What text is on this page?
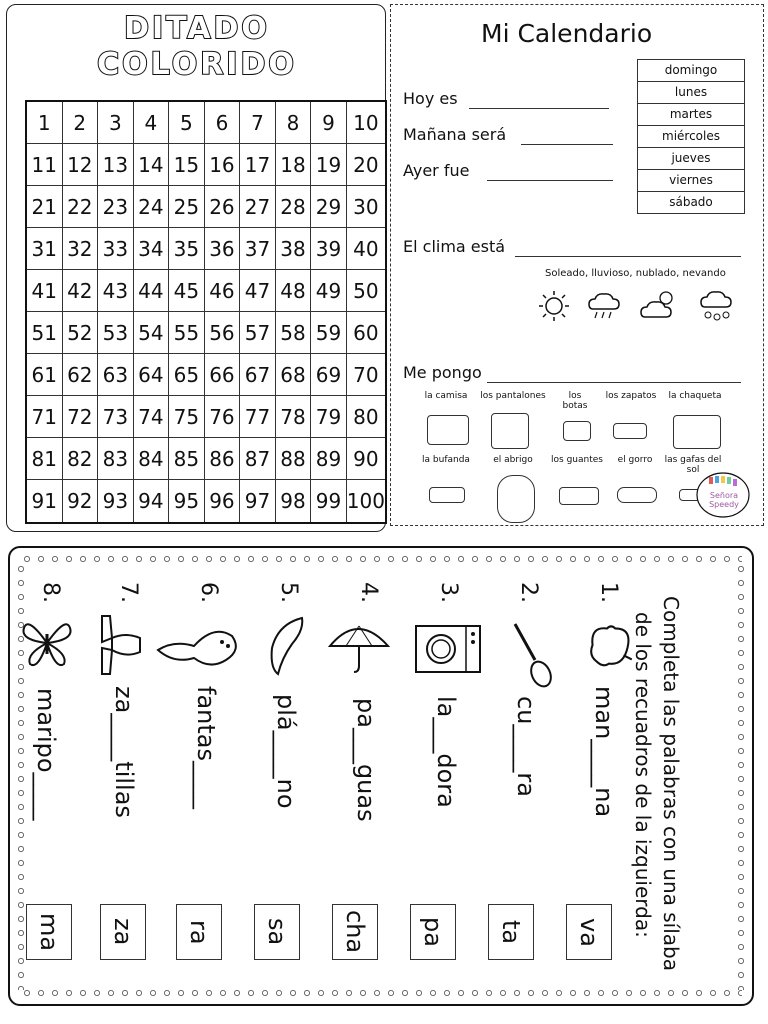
DITADO
COLORIDO
1	2	3	4	5	6	7	8	9 10
11 12 13 14 15 16 17 18 19 20
21 22 23 24 25 26 27 28 29 30
31 32 33 34 35 36 37 38 39 40
41 42 43 44 45 46 47 48 49 50
51 52 53 54 55 56 57 58 59 60
61 62 63 64 65 66 67 68 69 70
71 72 73 74 75 76 77 78 79 80
81 82 83 84 85 86 87 88 89 90
91 92 93 94 95 96 97 98 99 100
Mi Calendario
Hoy es
Mañana será
Ayer fue
domingo
lunes
martes
miércoles
jueves
viernes
sábado
El clima está
Soleado, lluvioso, nublado, nevando
Me pongo
la camisa	los pantalones	los botas
los zapatos	la chaqueta
la bufanda	el abrigo	los guantes	el gorro	las gafas del sol
Señora Speedy
Completa las palabras con una sílaba
de los recuadros de la izquierda:
1.
man____na
2.
cu____ra
3.
la___dora
4.
pa___guas
5.
plá____no
6.
fantas____
7.
za____tillas
8.
maripo____
va
ta
pa
cha
sa
ra
za
ma
